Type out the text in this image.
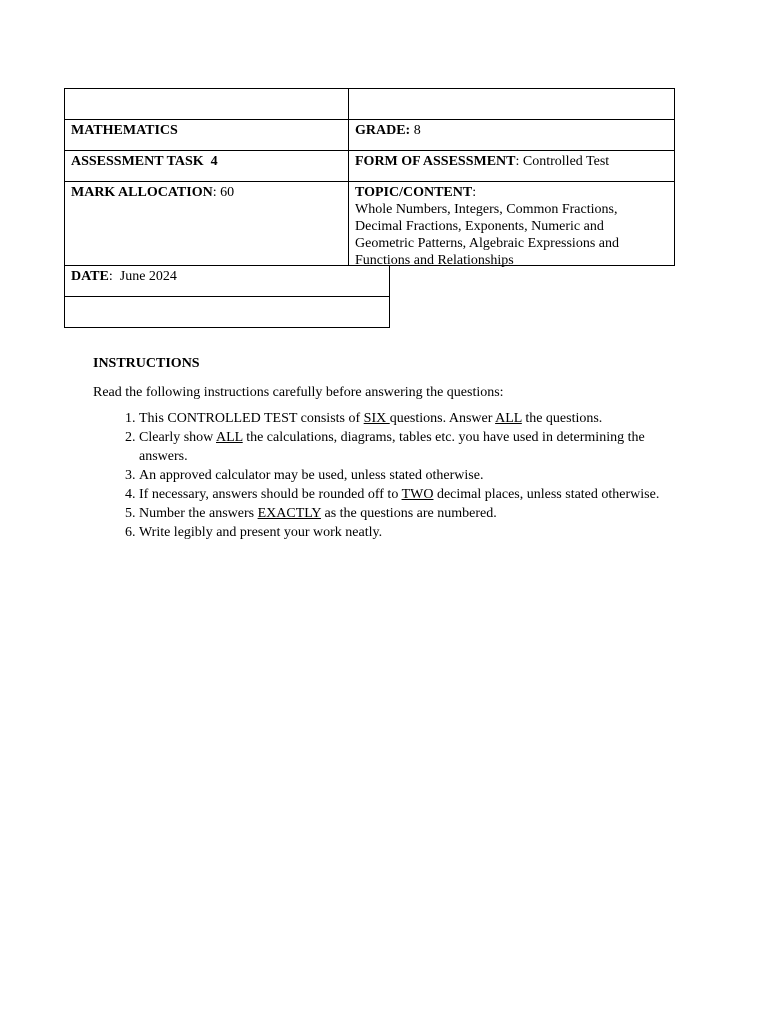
MATHEMATICS	GRADE: 8
ASSESSMENT TASK  4	FORM OF ASSESSMENT: Controlled Test
MARK ALLOCATION: 60	TOPIC/CONTENT:
Whole Numbers, Integers, Common Fractions, Decimal Fractions, Exponents, Numeric and Geometric Patterns, Algebraic Expressions and Functions and Relationships
DATE:  June 2024

INSTRUCTIONS

Read the following instructions carefully before answering the questions:

1. This CONTROLLED TEST consists of SIX questions. Answer ALL the questions.
2. Clearly show ALL the calculations, diagrams, tables etc. you have used in determining the answers.
3. An approved calculator may be used, unless stated otherwise.
4. If necessary, answers should be rounded off to TWO decimal places, unless stated otherwise.
5. Number the answers EXACTLY as the questions are numbered.
6. Write legibly and present your work neatly.
